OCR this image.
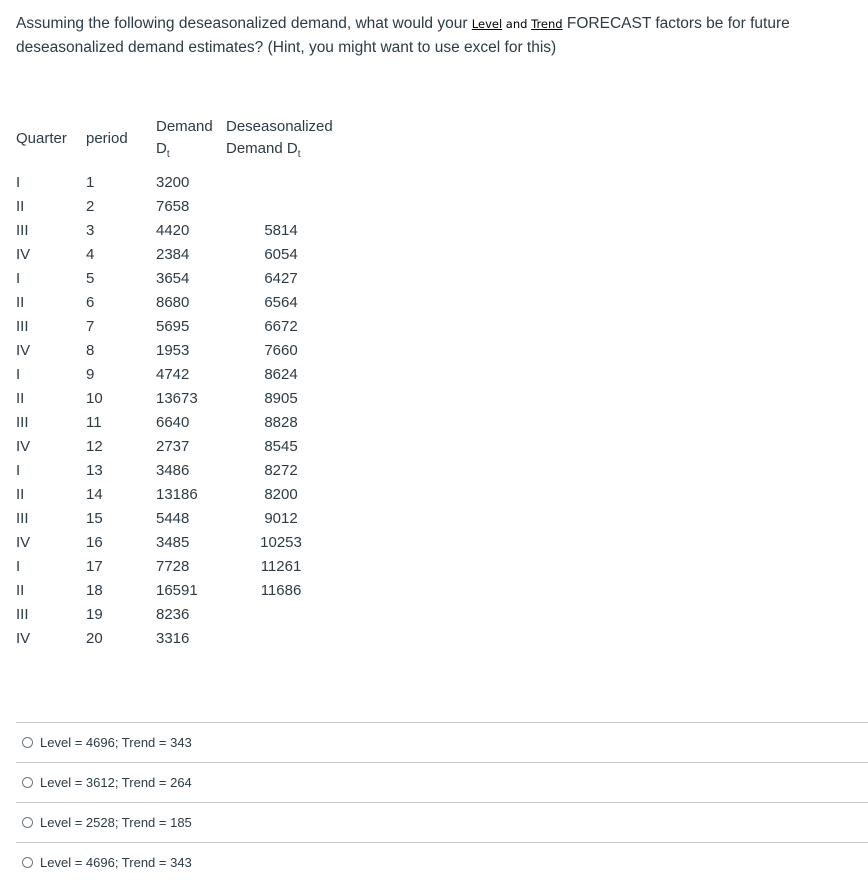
Assuming the following deseasonalized demand, what would your Level and Trend FORECAST factors be for future deseasonalized demand estimates? (Hint, you might want to use excel for this)
Quarter	period	Demand	Deseasonalized
		$D_t$	Demand $D_t$

I	1	3200	
II	2	7658	
III	3	4420	5814
IV	4	2384	6054
I	5	3654	6427
II	6	8680	6564
III	7	5695	6672
IV	8	1953	7660
I	9	4742	8624
II	10	13673	8905
III	11	6640	8828
IV	12	2737	8545
I	13	3486	8272
II	14	13186	8200
III	15	5448	9012
IV	16	3485	10253
I	17	7728	11261
II	18	16591	11686
III	19	8236	
IV	20	3316	
Level = 4696; Trend = 343
Level = 3612; Trend = 264
Level = 2528; Trend = 185
Level = 4696; Trend = 343
